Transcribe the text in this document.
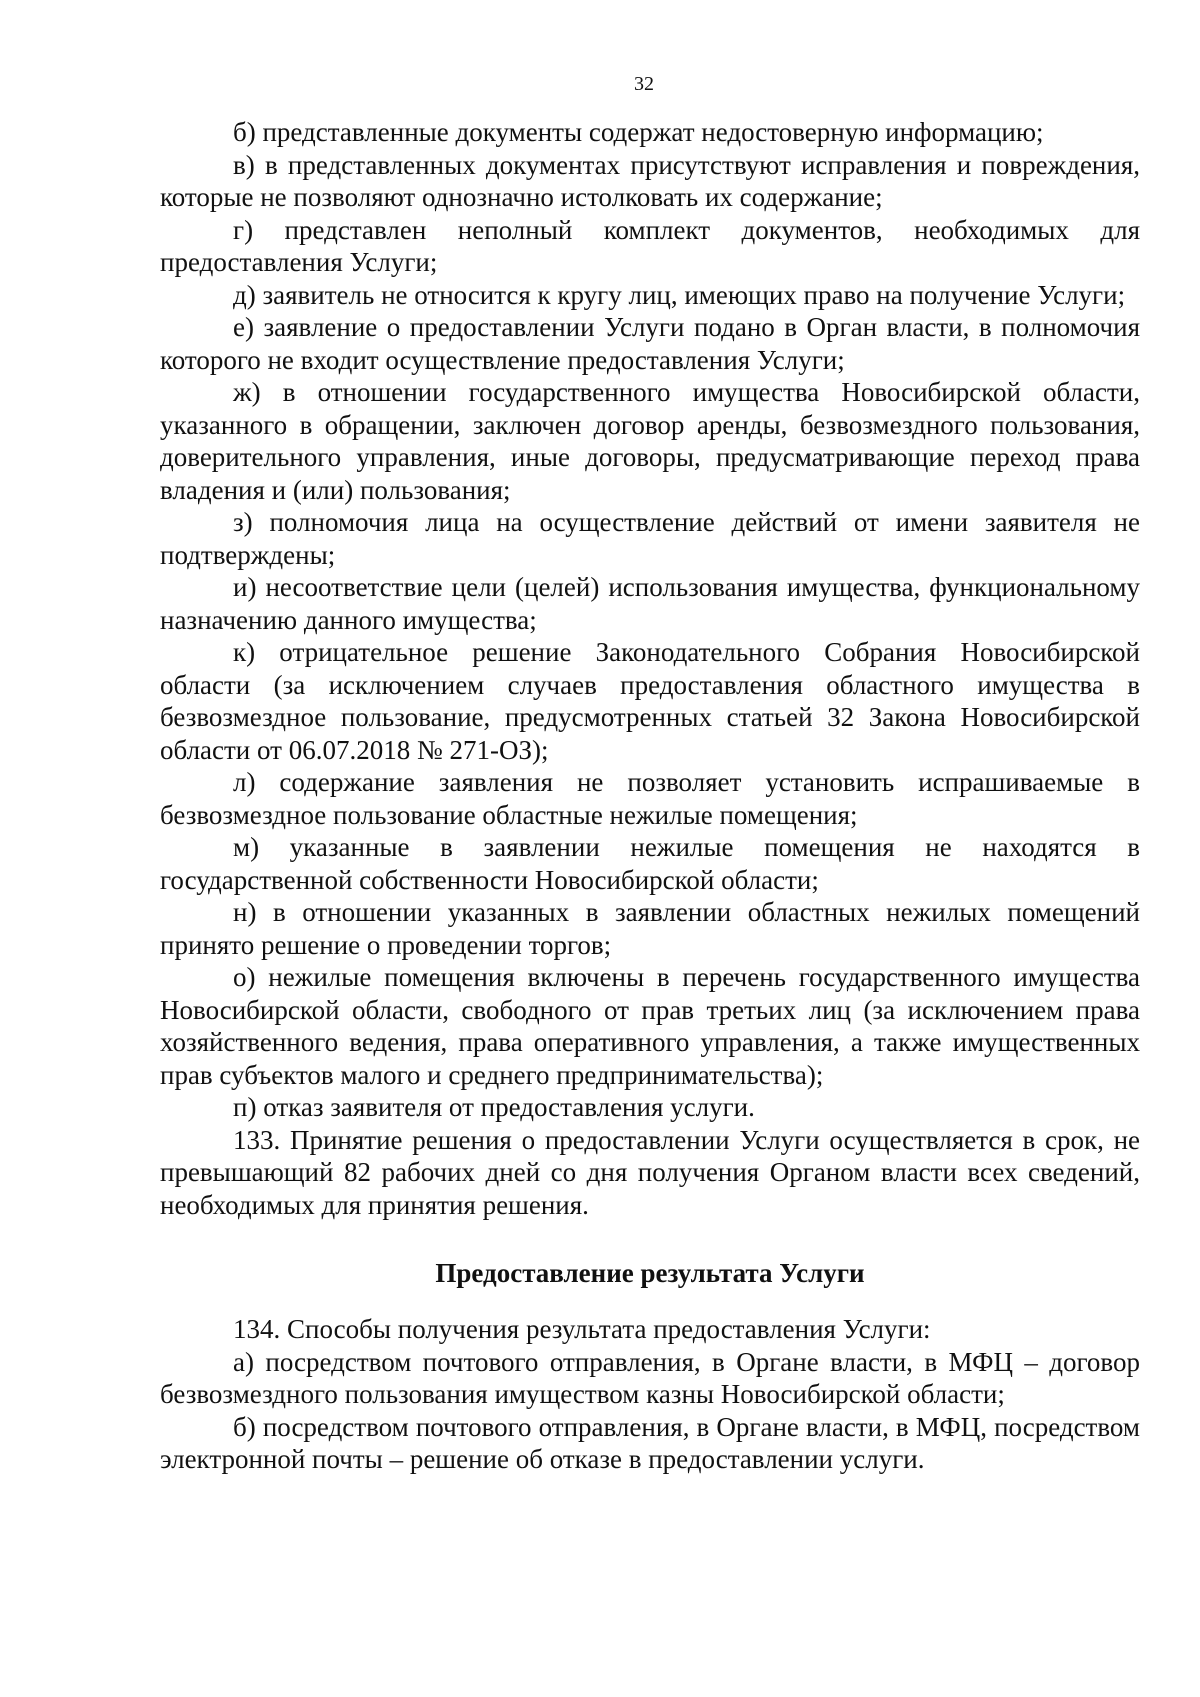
32

б) представленные документы содержат недостоверную информацию;

в) в представленных документах присутствуют исправления и повреждения, которые не позволяют однозначно истолковать их содержание;

г) представлен неполный комплект документов, необходимых для предоставления Услуги;

д) заявитель не относится к кругу лиц, имеющих право на получение Услуги;

е) заявление о предоставлении Услуги подано в Орган власти, в полномочия которого не входит осуществление предоставления Услуги;

ж) в отношении государственного имущества Новосибирской области, указанного в обращении, заключен договор аренды, безвозмездного пользования, доверительного управления, иные договоры, предусматривающие переход права владения и (или) пользования;

з) полномочия лица на осуществление действий от имени заявителя не подтверждены;

и) несоответствие цели (целей) использования имущества, функциональному назначению данного имущества;

к) отрицательное решение Законодательного Собрания Новосибирской области (за исключением случаев предоставления областного имущества в безвозмездное пользование, предусмотренных статьей 32 Закона Новосибирской области от 06.07.2018 № 271-ОЗ);

л) содержание заявления не позволяет установить испрашиваемые в безвозмездное пользование областные нежилые помещения;

м) указанные в заявлении нежилые помещения не находятся в государственной собственности Новосибирской области;

н) в отношении указанных в заявлении областных нежилых помещений принято решение о проведении торгов;

о) нежилые помещения включены в перечень государственного имущества Новосибирской области, свободного от прав третьих лиц (за исключением права хозяйственного ведения, права оперативного управления, а также имущественных прав субъектов малого и среднего предпринимательства);

п) отказ заявителя от предоставления услуги.

133. Принятие решения о предоставлении Услуги осуществляется в срок, не превышающий 82 рабочих дней со дня получения Органом власти всех сведений, необходимых для принятия решения.

Предоставление результата Услуги

134. Способы получения результата предоставления Услуги:

а) посредством почтового отправления, в Органе власти, в МФЦ – договор безвозмездного пользования имуществом казны Новосибирской области;

б) посредством почтового отправления, в Органе власти, в МФЦ, посредством электронной почты – решение об отказе в предоставлении услуги.
